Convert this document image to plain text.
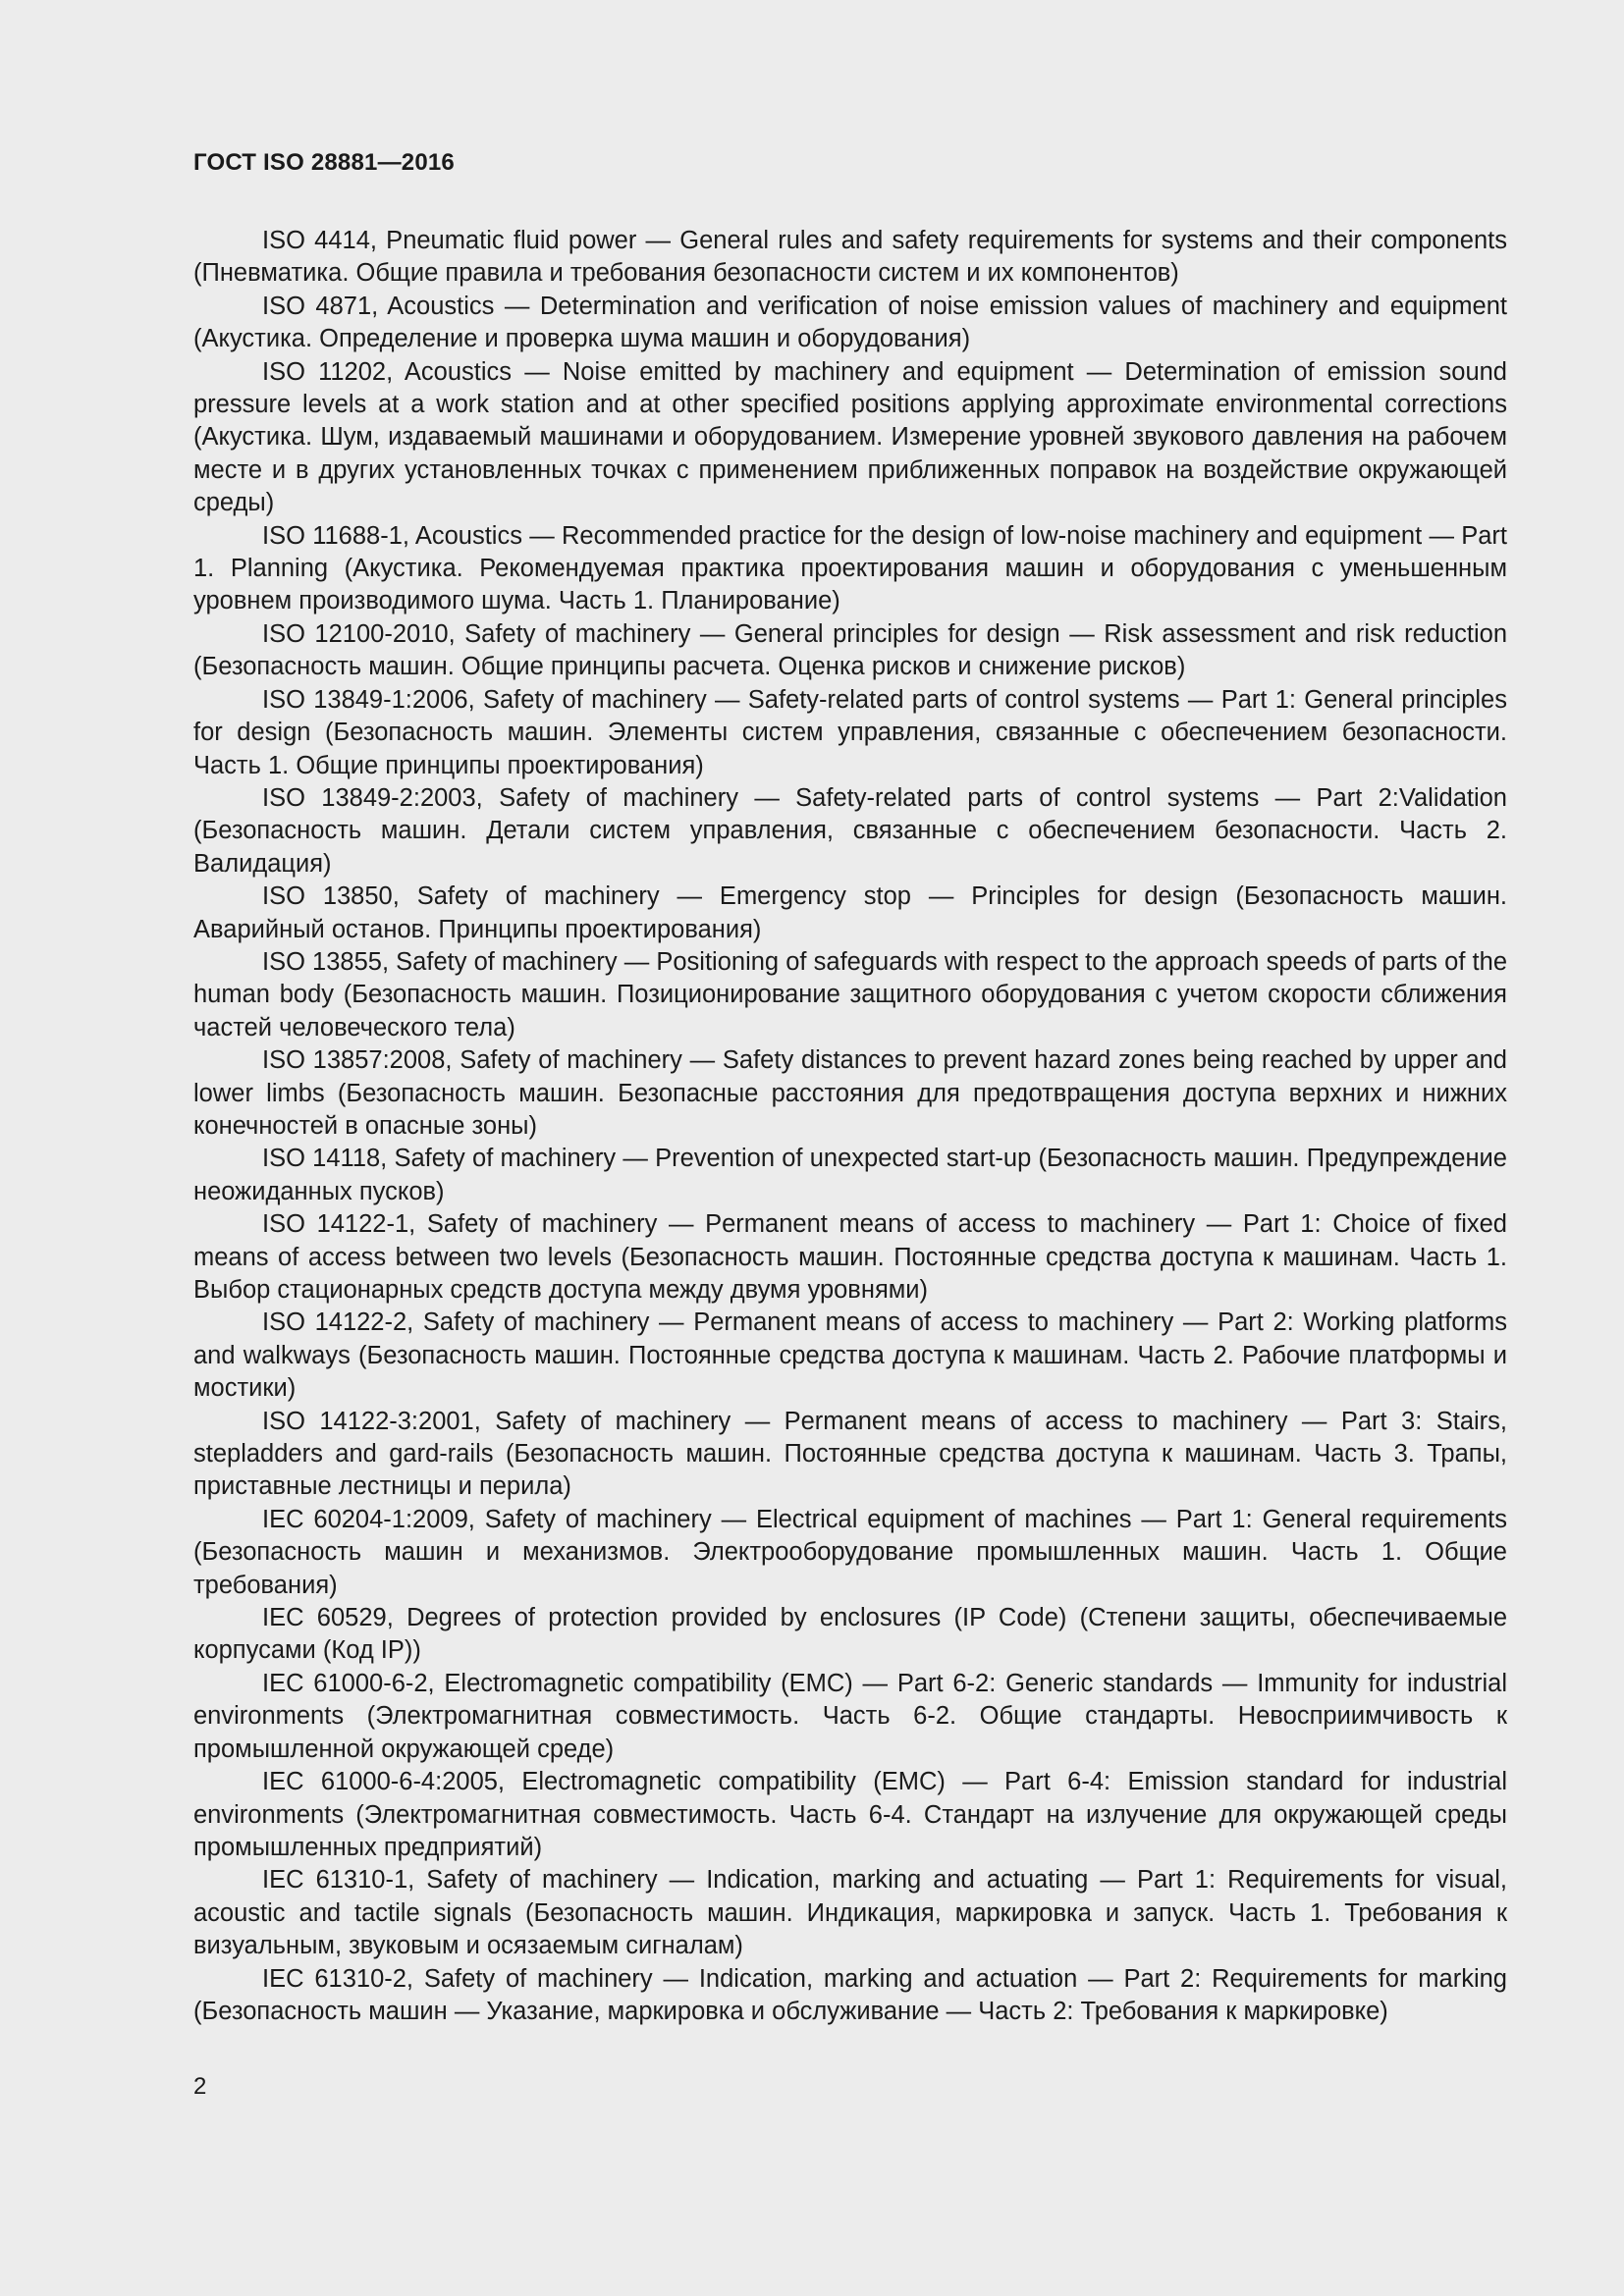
ГОСТ ISO 28881—2016
ISO 4414, Pneumatic fluid power — General rules and safety requirements for systems and their components (Пневматика. Общие правила и требования безопасности систем и их компонентов)
ISO 4871, Acoustics — Determination and verification of noise emission values of machinery and equipment (Акустика. Определение и проверка шума машин и оборудования)
ISO 11202, Acoustics — Noise emitted by machinery and equipment — Determination of emission sound pressure levels at a work station and at other specified positions applying approximate environmental corrections (Акустика. Шум, издаваемый машинами и оборудованием. Измерение уровней звукового давления на рабочем месте и в других установленных точках с применением приближенных поправок на воздействие окружающей среды)
ISO 11688-1, Acoustics — Recommended practice for the design of low-noise machinery and equipment — Part 1. Planning (Акустика. Рекомендуемая практика проектирования машин и оборудования с уменьшенным уровнем производимого шума. Часть 1. Планирование)
ISO 12100-2010, Safety of machinery — General principles for design — Risk assessment and risk reduction (Безопасность машин. Общие принципы расчета. Оценка рисков и снижение рисков)
ISO 13849-1:2006, Safety of machinery — Safety-related parts of control systems — Part 1: General principles for design (Безопасность машин. Элементы систем управления, связанные с обеспечением безопасности. Часть 1. Общие принципы проектирования)
ISO 13849-2:2003, Safety of machinery — Safety-related parts of control systems — Part 2:Validation (Безопасность машин. Детали систем управления, связанные с обеспечением безопасности. Часть 2. Валидация)
ISO 13850, Safety of machinery — Emergency stop — Principles for design (Безопасность машин. Аварийный останов. Принципы проектирования)
ISO 13855, Safety of machinery — Positioning of safeguards with respect to the approach speeds of parts of the human body (Безопасность машин. Позиционирование защитного оборудования с учетом скорости сближения частей человеческого тела)
ISO 13857:2008, Safety of machinery — Safety distances to prevent hazard zones being reached by upper and lower limbs (Безопасность машин. Безопасные расстояния для предотвращения доступа верхних и нижних конечностей в опасные зоны)
ISO 14118, Safety of machinery — Prevention of unexpected start-up (Безопасность машин. Предупреждение неожиданных пусков)
ISO 14122-1, Safety of machinery — Permanent means of access to machinery — Part 1: Choice of fixed means of access between two levels (Безопасность машин. Постоянные средства доступа к машинам. Часть 1. Выбор стационарных средств доступа между двумя уровнями)
ISO 14122-2, Safety of machinery — Permanent means of access to machinery — Part 2: Working platforms and walkways (Безопасность машин. Постоянные средства доступа к машинам. Часть 2. Рабочие платформы и мостики)
ISO 14122-3:2001, Safety of machinery — Permanent means of access to machinery — Part 3: Stairs, stepladders and gard-rails (Безопасность машин. Постоянные средства доступа к машинам. Часть 3. Трапы, приставные лестницы и перила)
IEC 60204-1:2009, Safety of machinery — Electrical equipment of machines — Part 1: General requirements (Безопасность машин и механизмов. Электрооборудование промышленных машин. Часть 1. Общие требования)
IEC 60529, Degrees of protection provided by enclosures (IP Code) (Степени защиты, обеспечиваемые корпусами (Код IP))
IEC 61000-6-2, Electromagnetic compatibility (EMC) — Part 6-2: Generic standards — Immunity for industrial environments (Электромагнитная совместимость. Часть 6-2. Общие стандарты. Невосприимчивость к промышленной окружающей среде)
IEC 61000-6-4:2005, Electromagnetic compatibility (EMC) — Part 6-4: Emission standard for industrial environments (Электромагнитная совместимость. Часть 6-4. Стандарт на излучение для окружающей среды промышленных предприятий)
IEC 61310-1, Safety of machinery — Indication, marking and actuating — Part 1: Requirements for visual, acoustic and tactile signals (Безопасность машин. Индикация, маркировка и запуск. Часть 1. Требования к визуальным, звуковым и осязаемым сигналам)
IEC 61310-2, Safety of machinery — Indication, marking and actuation — Part 2: Requirements for marking (Безопасность машин — Указание, маркировка и обслуживание — Часть 2: Требования к маркировке)
2
